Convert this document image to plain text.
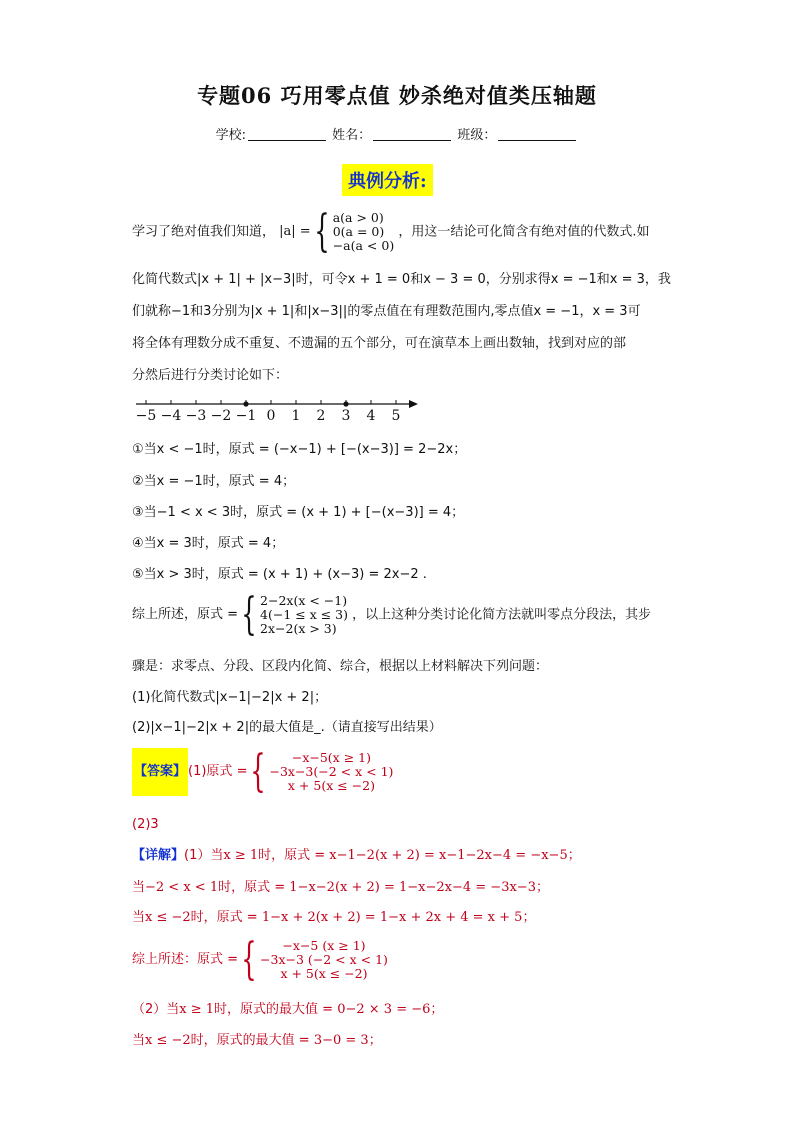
专题06 巧用零点值 妙杀绝对值类压轴题
学校:	姓名：	班级：
典例分析:
学习了绝对值我们知道， |a| = { a(a > 0)
0(a = 0)
−a(a < 0)
，用这一结论可化简含有绝对值的代数式.如
化简代数式|x + 1| + |x−3|时，可令x + 1 = 0和x − 3 = 0，分别求得x = −1和x = 3，我
们就称−1和3分别为|x + 1|和|x−3||的零点值在有理数范围内,零点值x = −1，x = 3可
将全体有理数分成不重复、不遗漏的五个部分，可在演草本上画出数轴，找到对应的部
分然后进行分类讨论如下：
−5 −4 −3 −2 −1 0 1 2 3 4 5
①当x < −1时，原式 = (−x−1) + [−(x−3)] = 2−2x；
②当x = −1时，原式 = 4；
③当−1 < x < 3时，原式 = (x + 1) + [−(x−3)] = 4；
④当x = 3时，原式 = 4；
⑤当x > 3时，原式 = (x + 1) + (x−3) = 2x−2 .
综上所述，原式 = { 2−2x(x < −1)
4(−1 ≤ x ≤ 3)
2x−2(x > 3)
，以上这种分类讨论化简方法就叫零点分段法，其步
骤是：求零点、分段、区段内化简、综合，根据以上材料解决下列问题：
(1)化简代数式|x−1|−2|x + 2|；
(2)|x−1|−2|x + 2|的最大值是_.（请直接写出结果）
【答案】 (1)原式 = { −x−5(x ≥ 1)
−3x−3(−2 < x < 1)
x + 5(x ≤ −2)
(2)3
【详解】(1）当x ≥ 1时，原式 = x−1−2(x + 2) = x−1−2x−4 = −x−5；
当−2 < x < 1时，原式 = 1−x−2(x + 2) = 1−x−2x−4 = −3x−3；
当x ≤ −2时，原式 = 1−x + 2(x + 2) = 1−x + 2x + 4 = x + 5；
综上所述：原式 = { −x−5 (x ≥ 1)
−3x−3 (−2 < x < 1)
x + 5(x ≤ −2)
（2）当x ≥ 1时，原式的最大值 = 0−2 × 3 = −6；
当x ≤ −2时，原式的最大值 = 3−0 = 3；
